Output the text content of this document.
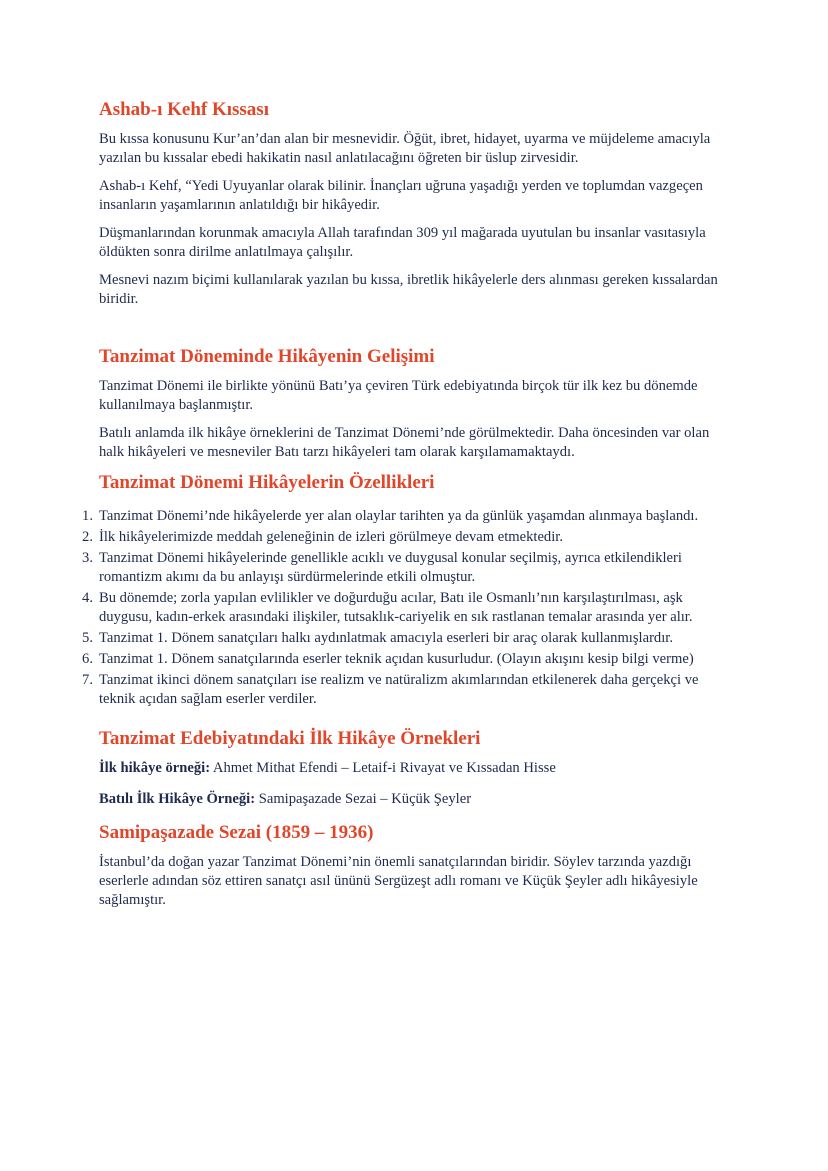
Ashab-ı Kehf Kıssası

Bu kıssa konusunu Kur’an’dan alan bir mesnevidir. Öğüt, ibret, hidayet, uyarma ve müjdeleme amacıyla yazılan bu kıssalar ebedi hakikatin nasıl anlatılacağını öğreten bir üslup zirvesidir.

Ashab-ı Kehf, “Yedi Uyuyanlar olarak bilinir. İnançları uğruna yaşadığı yerden ve toplumdan vazgeçen insanların yaşamlarının anlatıldığı bir hikâyedir.

Düşmanlarından korunmak amacıyla Allah tarafından 309 yıl mağarada uyutulan bu insanlar vasıtasıyla öldükten sonra dirilme anlatılmaya çalışılır.

Mesnevi nazım biçimi kullanılarak yazılan bu kıssa, ibretlik hikâyelerle ders alınması gereken kıssalardan biridir.

Tanzimat Döneminde Hikâyenin Gelişimi

Tanzimat Dönemi ile birlikte yönünü Batı’ya çeviren Türk edebiyatında birçok tür ilk kez bu dönemde kullanılmaya başlanmıştır.

Batılı anlamda ilk hikâye örneklerini de Tanzimat Dönemi’nde görülmektedir. Daha öncesinden var olan halk hikâyeleri ve mesneviler Batı tarzı hikâyeleri tam olarak karşılamamaktaydı.

Tanzimat Dönemi Hikâyelerin Özellikleri
1. Tanzimat Dönemi’nde hikâyelerde yer alan olaylar tarihten ya da günlük yaşamdan alınmaya başlandı.
2. İlk hikâyelerimizde meddah geleneğinin de izleri görülmeye devam etmektedir.
3. Tanzimat Dönemi hikâyelerinde genellikle acıklı ve duygusal konular seçilmiş, ayrıca etkilendikleri romantizm akımı da bu anlayışı sürdürmelerinde etkili olmuştur.
4. Bu dönemde; zorla yapılan evlilikler ve doğurduğu acılar, Batı ile Osmanlı’nın karşılaştırılması, aşk duygusu, kadın-erkek arasındaki ilişkiler, tutsaklık-cariyelik en sık rastlanan temalar arasında yer alır.
5. Tanzimat 1. Dönem sanatçıları halkı aydınlatmak amacıyla eserleri bir araç olarak kullanmışlardır.
6. Tanzimat 1. Dönem sanatçılarında eserler teknik açıdan kusurludur. (Olayın akışını kesip bilgi verme)
7. Tanzimat ikinci dönem sanatçıları ise realizm ve natüralizm akımlarından etkilenerek daha gerçekçi ve teknik açıdan sağlam eserler verdiler.
Tanzimat Edebiyatındaki İlk Hikâye Örnekleri

İlk hikâye örneği: Ahmet Mithat Efendi – Letaif-i Rivayat ve Kıssadan Hisse

Batılı İlk Hikâye Örneği: Samipaşazade Sezai – Küçük Şeyler

Samipaşazade Sezai (1859 – 1936)

İstanbul’da doğan yazar Tanzimat Dönemi’nin önemli sanatçılarından biridir. Söylev tarzında yazdığı eserlerle adından söz ettiren sanatçı asıl ününü Sergüzeşt adlı romanı ve Küçük Şeyler adlı hikâyesiyle sağlamıştır.
